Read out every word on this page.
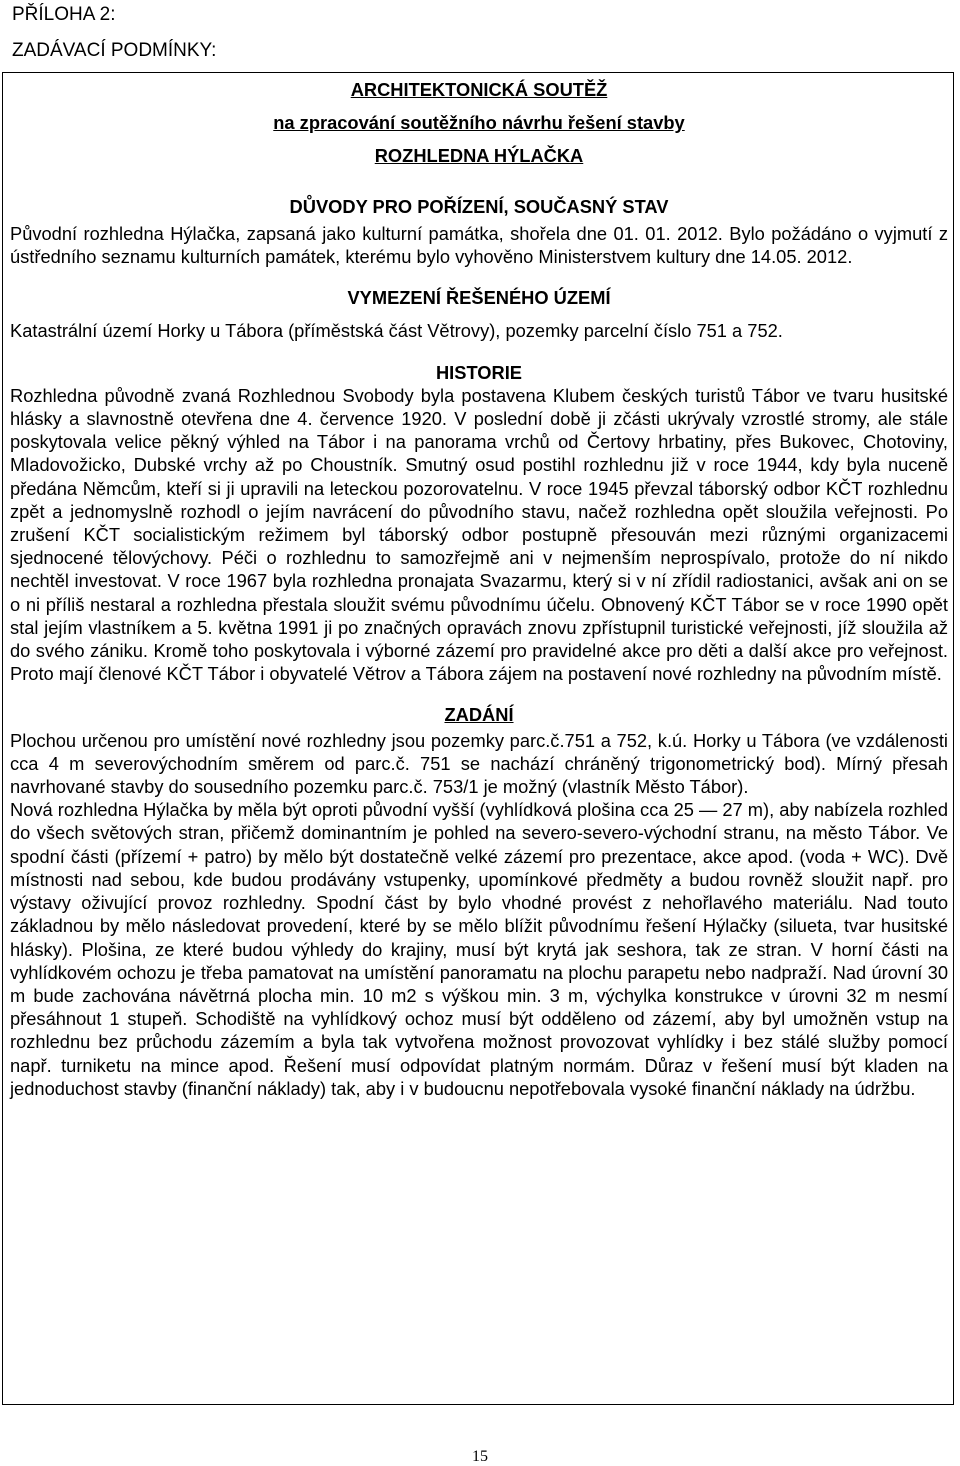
PŘÍLOHA 2:
ZADÁVACÍ PODMÍNKY:

ARCHITEKTONICKÁ SOUTĚŽ

na zpracování soutěžního návrhu řešení stavby

ROZHLEDNA HÝLAČKA

DŮVODY PRO POŘÍZENÍ, SOUČASNÝ STAV

Původní rozhledna Hýlačka, zapsaná jako kulturní památka, shořela dne 01. 01. 2012. Bylo požádáno o vyjmutí z ústředního seznamu kulturních památek, kterému bylo vyhověno Ministerstvem kultury dne 14.05. 2012.

VYMEZENÍ ŘEŠENÉHO ÚZEMÍ

Katastrální území Horky u Tábora (příměstská část Větrovy), pozemky parcelní číslo 751 a 752.

HISTORIE

Rozhledna původně zvaná Rozhlednou Svobody byla postavena Klubem českých turistů Tábor ve tvaru husitské hlásky a slavnostně otevřena dne 4. července 1920. V poslední době ji zčásti ukrývaly vzrostlé stromy, ale stále poskytovala velice pěkný výhled na Tábor i na panorama vrchů od Čertovy hrbatiny, přes Bukovec, Chotoviny, Mladovožicko, Dubské vrchy až po Choustník. Smutný osud postihl rozhlednu již v roce 1944, kdy byla nuceně předána Němcům, kteří si ji upravili na leteckou pozorovatelnu. V roce 1945 převzal táborský odbor KČT rozhlednu zpět a jednomyslně rozhodl o jejím navrácení do původního stavu, načež rozhledna opět sloužila veřejnosti. Po zrušení KČT socialistickým režimem byl táborský odbor postupně přesouván mezi různými organizacemi sjednocené tělovýchovy. Péči o rozhlednu to samozřejmě ani v nejmenším neprospívalo, protože do ní nikdo nechtěl investovat. V roce 1967 byla rozhledna pronajata Svazarmu, který si v ní zřídil radiostanici, avšak ani on se o ni příliš nestaral a rozhledna přestala sloužit svému původnímu účelu. Obnovený KČT Tábor se v roce 1990 opět stal jejím vlastníkem a 5. května 1991 ji po značných opravách znovu zpřístupnil turistické veřejnosti, jíž sloužila až do svého zániku. Kromě toho poskytovala i výborné zázemí pro pravidelné akce pro děti a další akce pro veřejnost. Proto mají členové KČT Tábor i obyvatelé Větrov a Tábora zájem na postavení nové rozhledny na původním místě.

ZADÁNÍ

Plochou určenou pro umístění nové rozhledny jsou pozemky parc.č.751 a 752, k.ú. Horky u Tábora (ve vzdálenosti cca 4 m severovýchodním směrem od parc.č. 751 se nachází chráněný trigonometrický bod). Mírný přesah navrhované stavby do sousedního pozemku parc.č. 753/1 je možný (vlastník Město Tábor).

Nová rozhledna Hýlačka by měla být oproti původní vyšší (vyhlídková plošina cca 25 — 27 m), aby nabízela rozhled do všech světových stran, přičemž dominantním je pohled na severo-severo-východní stranu, na město Tábor. Ve spodní části (přízemí + patro) by mělo být dostatečně velké zázemí pro prezentace, akce apod. (voda + WC). Dvě místnosti nad sebou, kde budou prodávány vstupenky, upomínkové předměty a budou rovněž sloužit např. pro výstavy oživující provoz rozhledny. Spodní část by bylo vhodné provést z nehořlavého materiálu. Nad touto základnou by mělo následovat provedení, které by se mělo blížit původnímu řešení Hýlačky (silueta, tvar husitské hlásky). Plošina, ze které budou výhledy do krajiny, musí být krytá jak seshora, tak ze stran. V horní části na vyhlídkovém ochozu je třeba pamatovat na umístění panoramatu na plochu parapetu nebo nadpraží. Nad úrovní 30 m bude zachována návětrná plocha min. 10 m2 s výškou min. 3 m, výchylka konstrukce v úrovni 32 m nesmí přesáhnout 1 stupeň. Schodiště na vyhlídkový ochoz musí být odděleno od zázemí, aby byl umožněn vstup na rozhlednu bez průchodu zázemím a byla tak vytvořena možnost provozovat vyhlídky i bez stálé služby pomocí např. turniketu na mince apod. Řešení musí odpovídat platným normám. Důraz v řešení musí být kladen na jednoduchost stavby (finanční náklady) tak, aby i v budoucnu nepotřebovala vysoké finanční náklady na údržbu.

15
